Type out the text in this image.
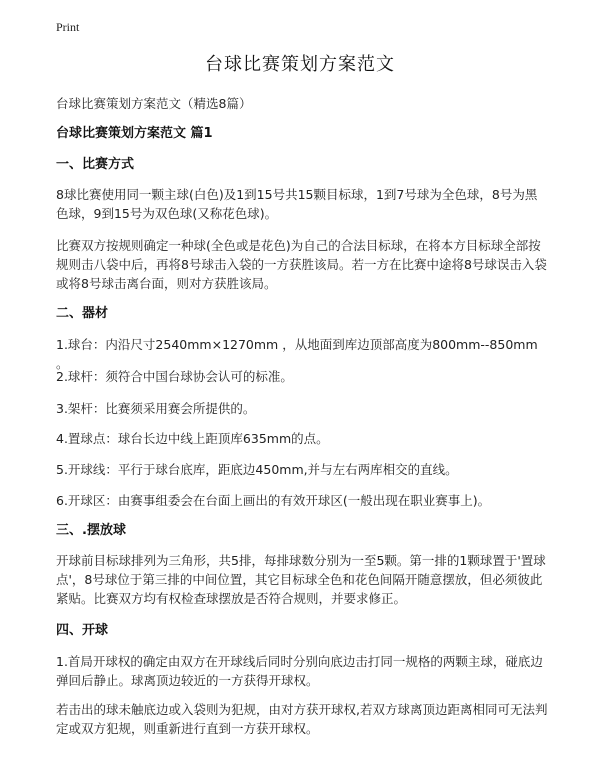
Print
台球比赛策划方案范文

台球比赛策划方案范文（精选8篇）

台球比赛策划方案范文 篇1

一、比赛方式

8球比赛使用同一颗主球(白色)及1到15号共15颗目标球，1到7号球为全色球，8号为黑色球，9到15号为双色球(又称花色球)。

比赛双方按规则确定一种球(全色或是花色)为自己的合法目标球，在将本方目标球全部按规则击八袋中后，再将8号球击入袋的一方获胜该局。若一方在比赛中途将8号球误击入袋或将8号球击离台面，则对方获胜该局。

二、器材

1.球台：内沿尺寸2540mm×1270mm ，从地面到库边顶部高度为800mm--850mm 。

2.球杆：须符合中国台球协会认可的标准。

3.架杆：比赛须采用赛会所提供的。

4.置球点：球台长边中线上距顶库635mm的点。

5.开球线：平行于球台底库，距底边450mm,并与左右两库相交的直线。

6.开球区：由赛事组委会在台面上画出的有效开球区(一般出现在职业赛事上)。

三、.摆放球

开球前目标球排列为三角形，共5排，每排球数分别为一至5颗。第一排的1颗球置于'置球点'，8号球位于第三排的中间位置，其它目标球全色和花色间隔开随意摆放，但必须彼此紧贴。比赛双方均有权检查球摆放是否符合规则，并要求修正。

四、开球

1.首局开球权的确定由双方在开球线后同时分别向底边击打同一规格的两颗主球，碰底边弹回后静止。球离顶边较近的一方获得开球权。

若击出的球未触底边或入袋则为犯规，由对方获开球权,若双方球离顶边距离相同可无法判定或双方犯规，则重新进行直到一方获开球权。
